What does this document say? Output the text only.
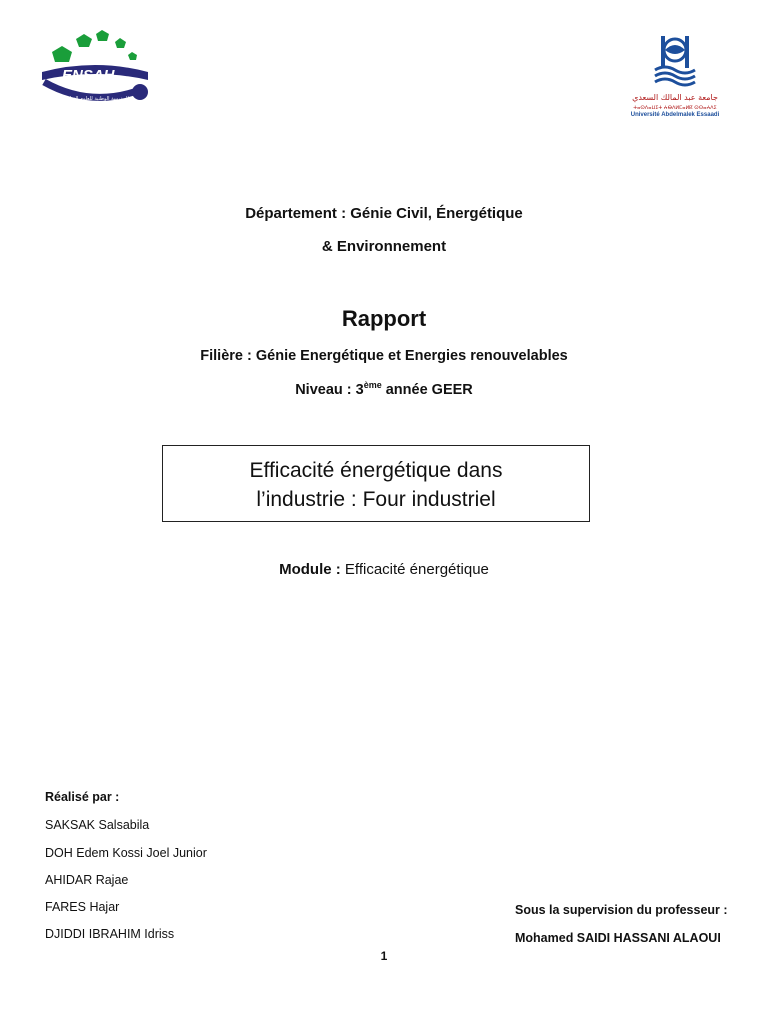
ENSAH
المدرسة الوطنية للعلوم التطبيقية	جامعة عبد المالك السعدي
ⵜⴰⵙⴷⴰⵡⵉⵜ ⵄⴱⴷⵍⵎⴰⵍⴽ ⵙⵙⴰⵄⴷⵉ
Université Abdelmalek Essaadi
Département : Génie Civil, Énergétique
& Environnement
Rapport
Filière : Génie Energétique et Energies renouvelables
Niveau : 3ème année GEER
Efficacité énergétique dans
l’industrie : Four industriel
Module : Efficacité énergétique
Réalisé par :
SAKSAK Salsabila
DOH Edem Kossi Joel Junior
AHIDAR Rajae
FARES Hajar
DJIDDI IBRAHIM Idriss
Sous la supervision du professeur :
Mohamed SAIDI HASSANI ALAOUI
1
